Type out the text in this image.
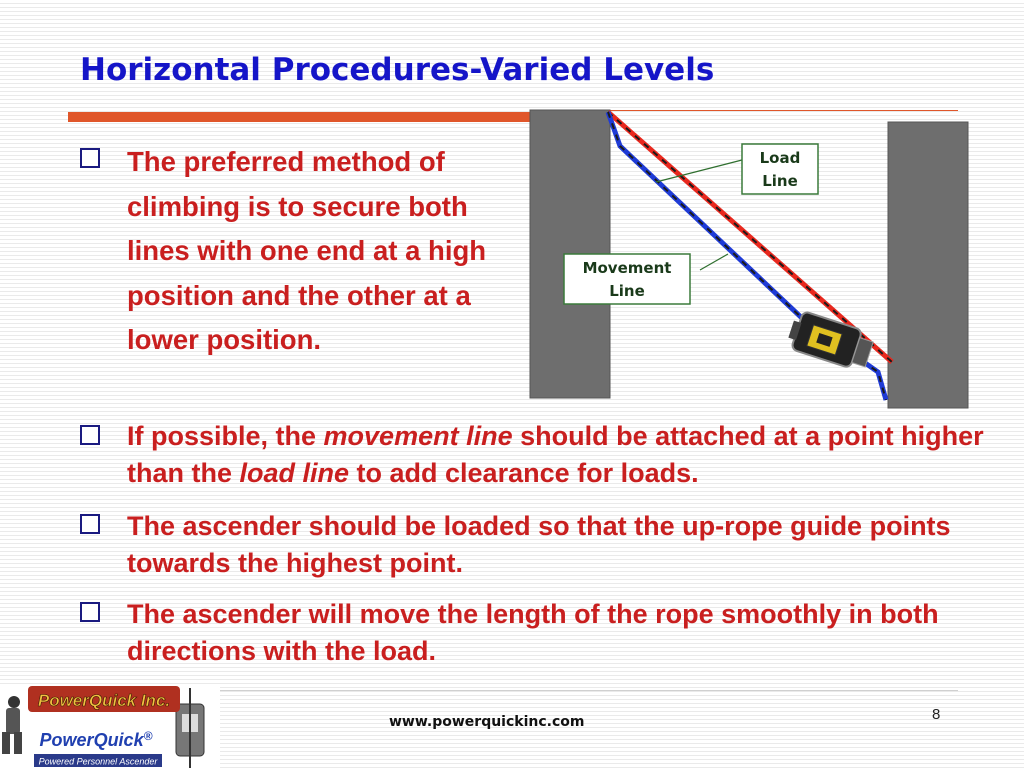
Horizontal Procedures-Varied Levels
The preferred method of climbing is to secure both lines with one end at a high position and the other at a lower position.
If possible, the movement line should be attached at a point higher than the load line to add clearance for loads.
The ascender should be loaded so that the up-rope guide points towards the highest point.
The ascender will move the length of the rope smoothly in both directions with the load.
Load
Line
Movement
Line
PowerQuick Inc.
PowerQuick®
Powered Personnel Ascender
www.powerquickinc.com	8
